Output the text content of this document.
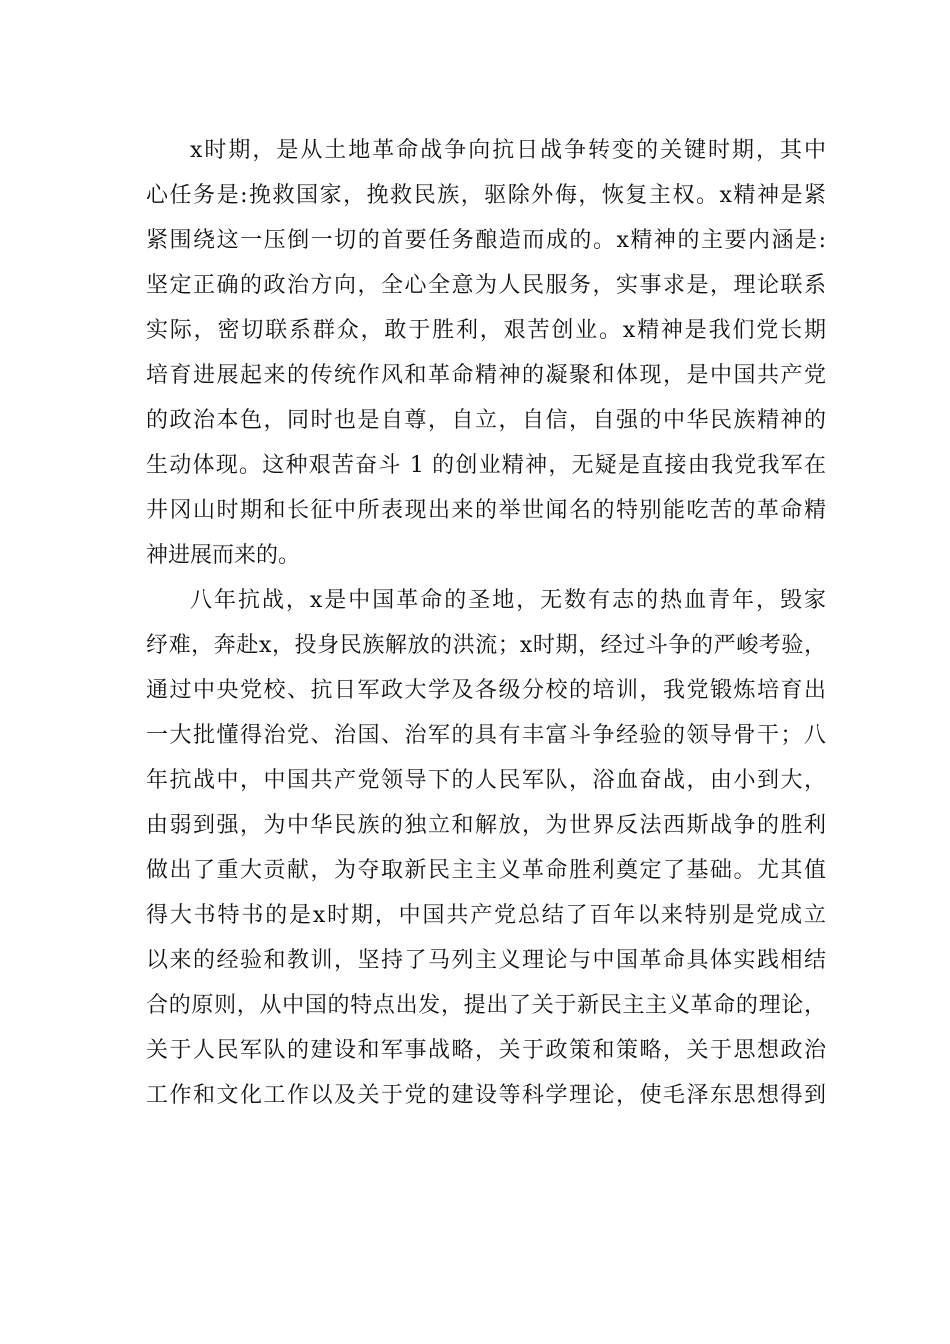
x时期，是从土地革命战争向抗日战争转变的关键时期，其中
心任务是:挽救国家，挽救民族，驱除外侮，恢复主权。x精神是紧
紧围绕这一压倒一切的首要任务酿造而成的。x精神的主要内涵是:
坚定正确的政治方向，全心全意为人民服务，实事求是，理论联系
实际，密切联系群众，敢于胜利，艰苦创业。x精神是我们党长期
培育进展起来的传统作风和革命精神的凝聚和体现，是中国共产党
的政治本色，同时也是自尊，自立，自信，自强的中华民族精神的
生动体现。这种艰苦奋斗 1 的创业精神，无疑是直接由我党我军在
井冈山时期和长征中所表现出来的举世闻名的特别能吃苦的革命精
神进展而来的。
八年抗战，x是中国革命的圣地，无数有志的热血青年，毁家
纾难，奔赴x，投身民族解放的洪流；x时期，经过斗争的严峻考验，
通过中央党校、抗日军政大学及各级分校的培训，我党锻炼培育出
一大批懂得治党、治国、治军的具有丰富斗争经验的领导骨干；八
年抗战中，中国共产党领导下的人民军队，浴血奋战，由小到大，
由弱到强，为中华民族的独立和解放，为世界反法西斯战争的胜利
做出了重大贡献，为夺取新民主主义革命胜利奠定了基础。尤其值
得大书特书的是x时期，中国共产党总结了百年以来特别是党成立
以来的经验和教训，坚持了马列主义理论与中国革命具体实践相结
合的原则，从中国的特点出发，提出了关于新民主主义革命的理论，
关于人民军队的建设和军事战略，关于政策和策略，关于思想政治
工作和文化工作以及关于党的建设等科学理论，使毛泽东思想得到
